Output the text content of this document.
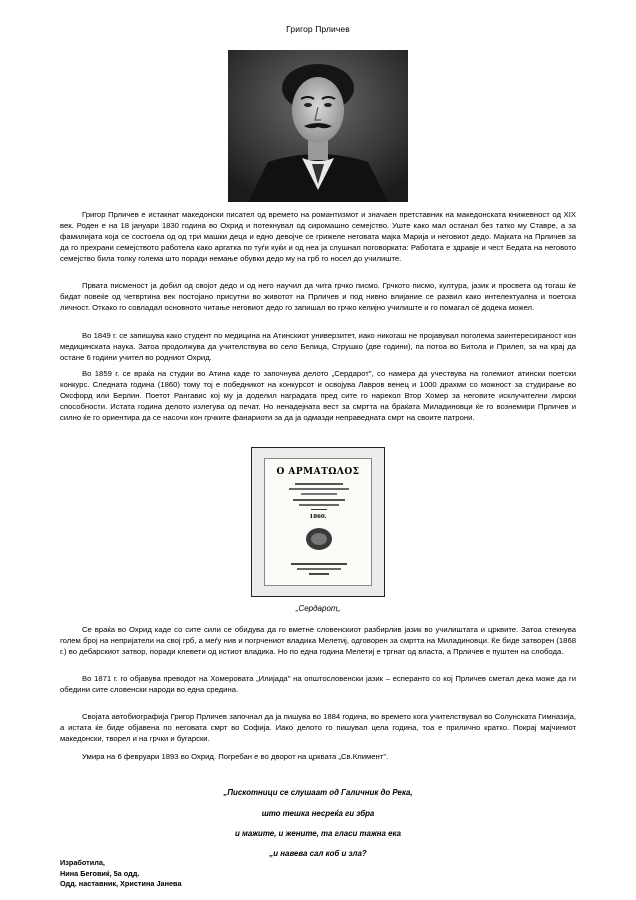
Григор Прличев

Григор Прличев е истакнат македонски писател од времето на романтизмот и значаен претставник на македонската книжевност од XIX век. Роден е на 18 јануари 1830 година во Охрид и потекнувал од сиромашно семејство. Уште како мал останал без татко му Ставре, а за фамилијата која се состоела од од три машки деца и едно девојче се грижеле неговата мајка Марија и неговиот дедо. Мајката на Прличев за да го прехрани семејството работела како аргатка по туѓи куќи и од неа ја слушнал поговорката: Работата е здравје и чест Бедата на неговото семејство била толку голема што поради немање обувки дедо му на грб го носел до училиште.

Првата писменост ја добил од својот дедо и од него научил да чита грчко писмо. Грчкото писмо, култура, јазик и просвета од тогаш ќе бидат повеќе од четвртина век постојано присутни во животот на Прличев и под нивно влијание се развил како интелектуална и поетска личност. Откако го совладал основното читање неговиот дедо го запишал во грчко келијно училиште и го помагал сè додека можел.

Во 1849 г. се запишува како студент по медицина на Атинскиот универзитет, иако никогаш не пројавувал поголема заинтересираност кон медицинската наука. Затоа продолжува да учителствува во село Белица, Струшко (две години), па потоа во Битола и Прилеп, за на крај да остане 6 години учител во родниот Охрид.

Во 1859 г. се враќа на студии во Атина каде го започнува делото „Сердарот", со намера да учествува на големиот атински поетски конкурс. Следната година (1860) тому тој е победникот на конкурсот и освојува Лавров венец и 1000 драхми со можност за студирање во Оксфорд или Берлин. Поетот Рангавис кој му ја доделил наградата пред сите го нарекол Втор Хомер за неговите исклучителни лирски способности. Истата година делото излегува од печат. Но ненадејната вест за смртта на браќата Миладиновци ќе го вознемири Прличев и силно ќе го ориентира да се насочи кон грчките фанариоти за да ја одмазди неправедната смрт на своите патрони.

Ο ΑΡΜΑΤΩΛΟΣ
1860.
„Сердарот„

Се враќа во Охрид каде со сите сили се обидува да го вметне словенскиот разбирлив јазик во училиштата и црквите. Затоа стекнува голем број на непријатели на свој грб, а меѓу нив и погрчениот владика Мелетиј, одговорен за смртта на Миладиновци. Ќе биде затворен (1868 г.) во дебарскиот затвор, поради клевети од истиот владика. Но по една година Мелетиј е тргнат од власта, а Прличев е пуштен на слобода.

Во 1871 г. го објавува преводот на Хомеровата „Илијада" на општословенски јазик – есперанто со кој Прличев сметал дека може да ги обедини сите словенски народи во една средина.

Својата автобиографија Григор Прличев започнал да ја пишува во 1884 година, во времето кога учителствувал во Солунската Гимназија, а истата ќе биде објавена по неговата смрт во Софија. Иако делото го пишувал цела година, тоа е прилично кратко. Покрај мајчиниот македонски, творел и на грчки и бугарски.

Умира на 6 февруари 1893 во Охрид. Погребан е во дворот на црквата „Св.Климент".

„Пискотници се слушаат од Галичник до Река,
што тешка несреќа ги збра
и мажите, и жените, та гласи тажна ека
„и навева сал коб и зла?
Изработила,
Нина Беговиќ, 5а одд.
Одд. наставник, Христина Јанева
